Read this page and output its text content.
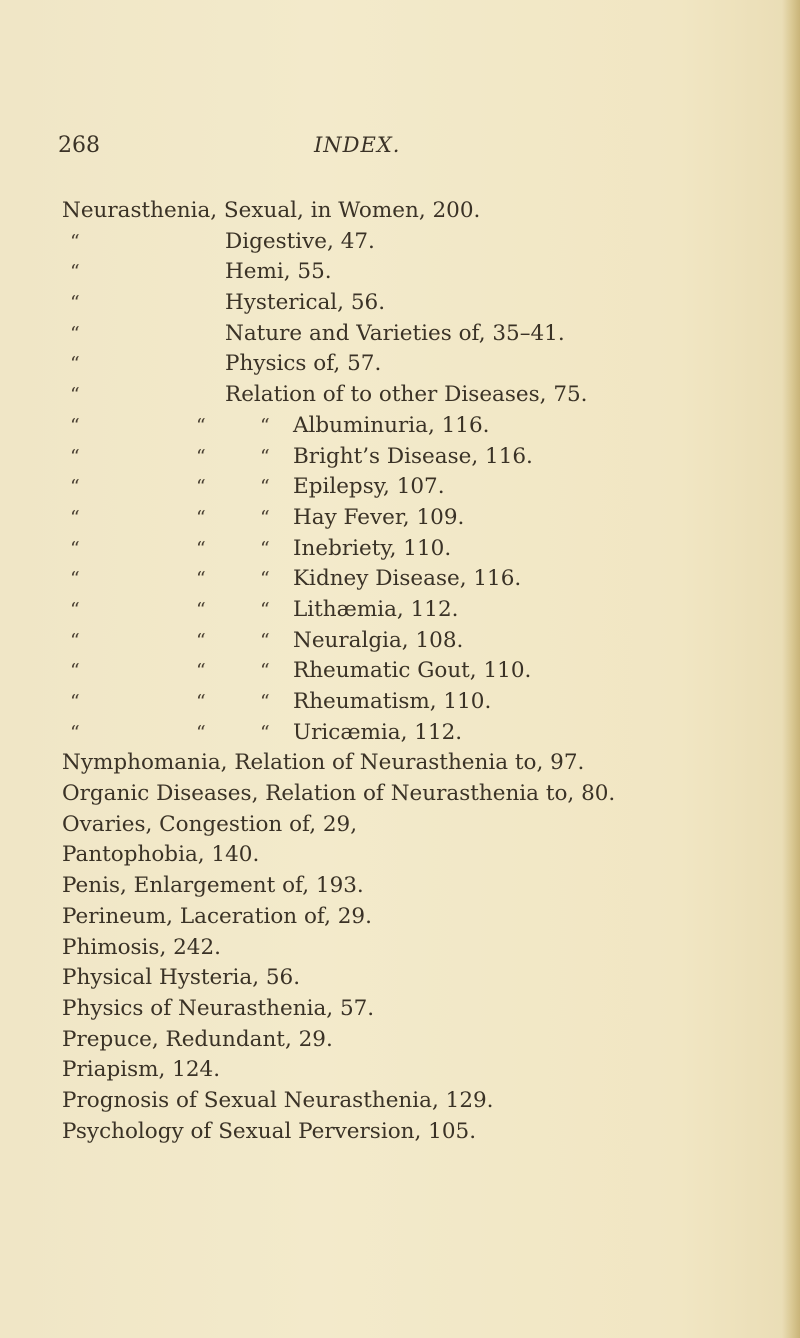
268	INDEX.
Neurasthenia, Sexual, in Women, 200.
“	Digestive, 47.
“	Hemi, 55.
“	Hysterical, 56.
“	Nature and Varieties of, 35–41.
“	Physics of, 57.
“	Relation of to other Diseases, 75.
“	“	“ Albuminuria, 116.
“	“	“ Bright’s Disease, 116.
“	“	“ Epilepsy, 107.
“	“	“ Hay Fever, 109.
“	“	“ Inebriety, 110.
“	“	“ Kidney Disease, 116.
“	“	“ Lithæmia, 112.
“	“	“ Neuralgia, 108.
“	“	“ Rheumatic Gout, 110.
“	“	“ Rheumatism, 110.
“	“	“ Uricæmia, 112.
Nymphomania, Relation of Neurasthenia to, 97.
Organic Diseases, Relation of Neurasthenia to, 80.
Ovaries, Congestion of, 29,
Pantophobia, 140.
Penis, Enlargement of, 193.
Perineum, Laceration of, 29.
Phimosis, 242.
Physical Hysteria, 56.
Physics of Neurasthenia, 57.
Prepuce, Redundant, 29.
Priapism, 124.
Prognosis of Sexual Neurasthenia, 129.
Psychology of Sexual Perversion, 105.
